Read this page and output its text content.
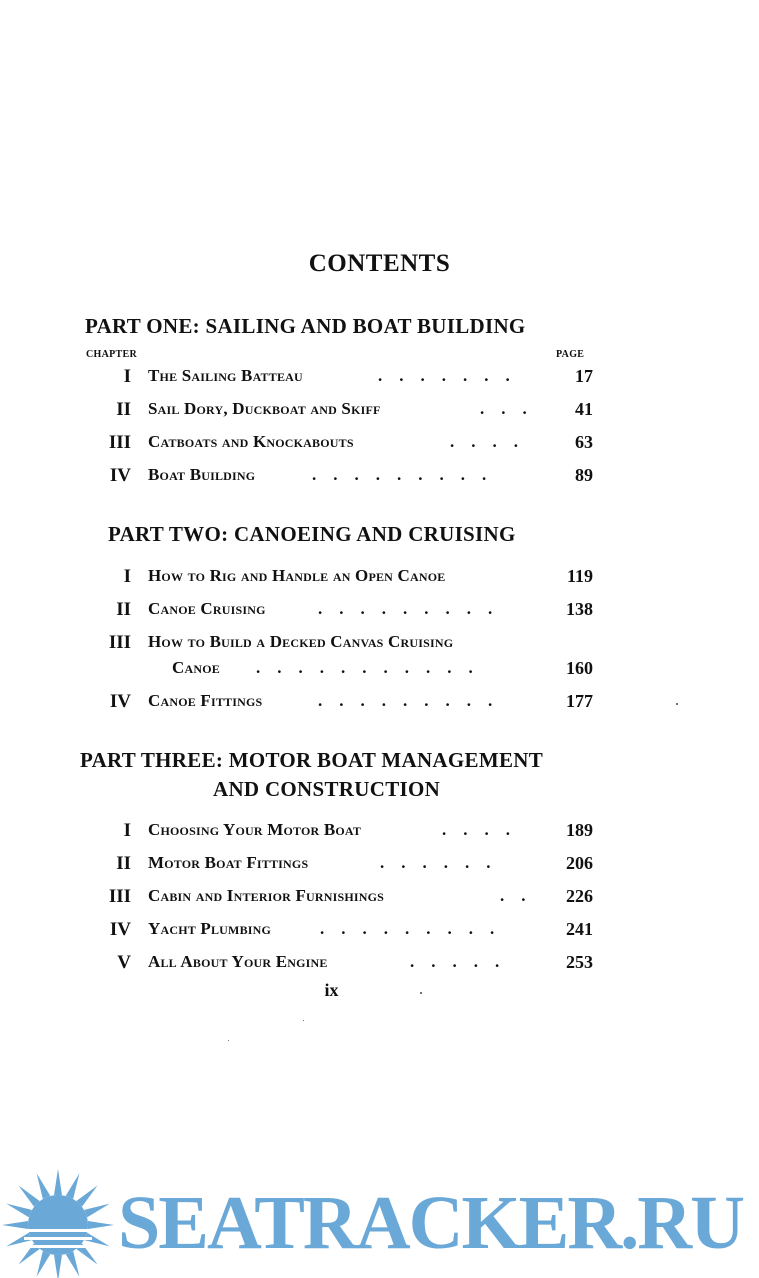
CONTENTS
PART ONE: SAILING AND BOAT BUILDING
CHAPTER	PAGE
I The Sailing Batteau	.    .    .    .    .    .    .	17
II Sail Dory, Duckboat and Skiff	.    .    .	41
III Catboats and Knockabouts	.    .    .    .	63
IV Boat Building	.    .    .    .    .    .    .    .    .	89
PART TWO: CANOEING AND CRUISING
I How to Rig and Handle an Open Canoe	119
II Canoe Cruising	.    .    .    .    .    .    .    .    .	138
III How to Build a Decked Canvas Cruising
Canoe .    .    .    .    .    .    .    .    .    .    .	160
IV Canoe Fittings	.    .    .    .    .    .    .    .    .	177
PART THREE: MOTOR BOAT MANAGEMENT
AND CONSTRUCTION
I Choosing Your Motor Boat	.    .    .    .	189
II Motor Boat Fittings	.    .    .    .    .    .	206
III Cabin and Interior Furnishings	.    .	226
IV Yacht Plumbing	.    .    .    .    .    .    .    .    .	241
V All About Your Engine	.    .    .    .    .	253
ix
SEATRACKER.RU
